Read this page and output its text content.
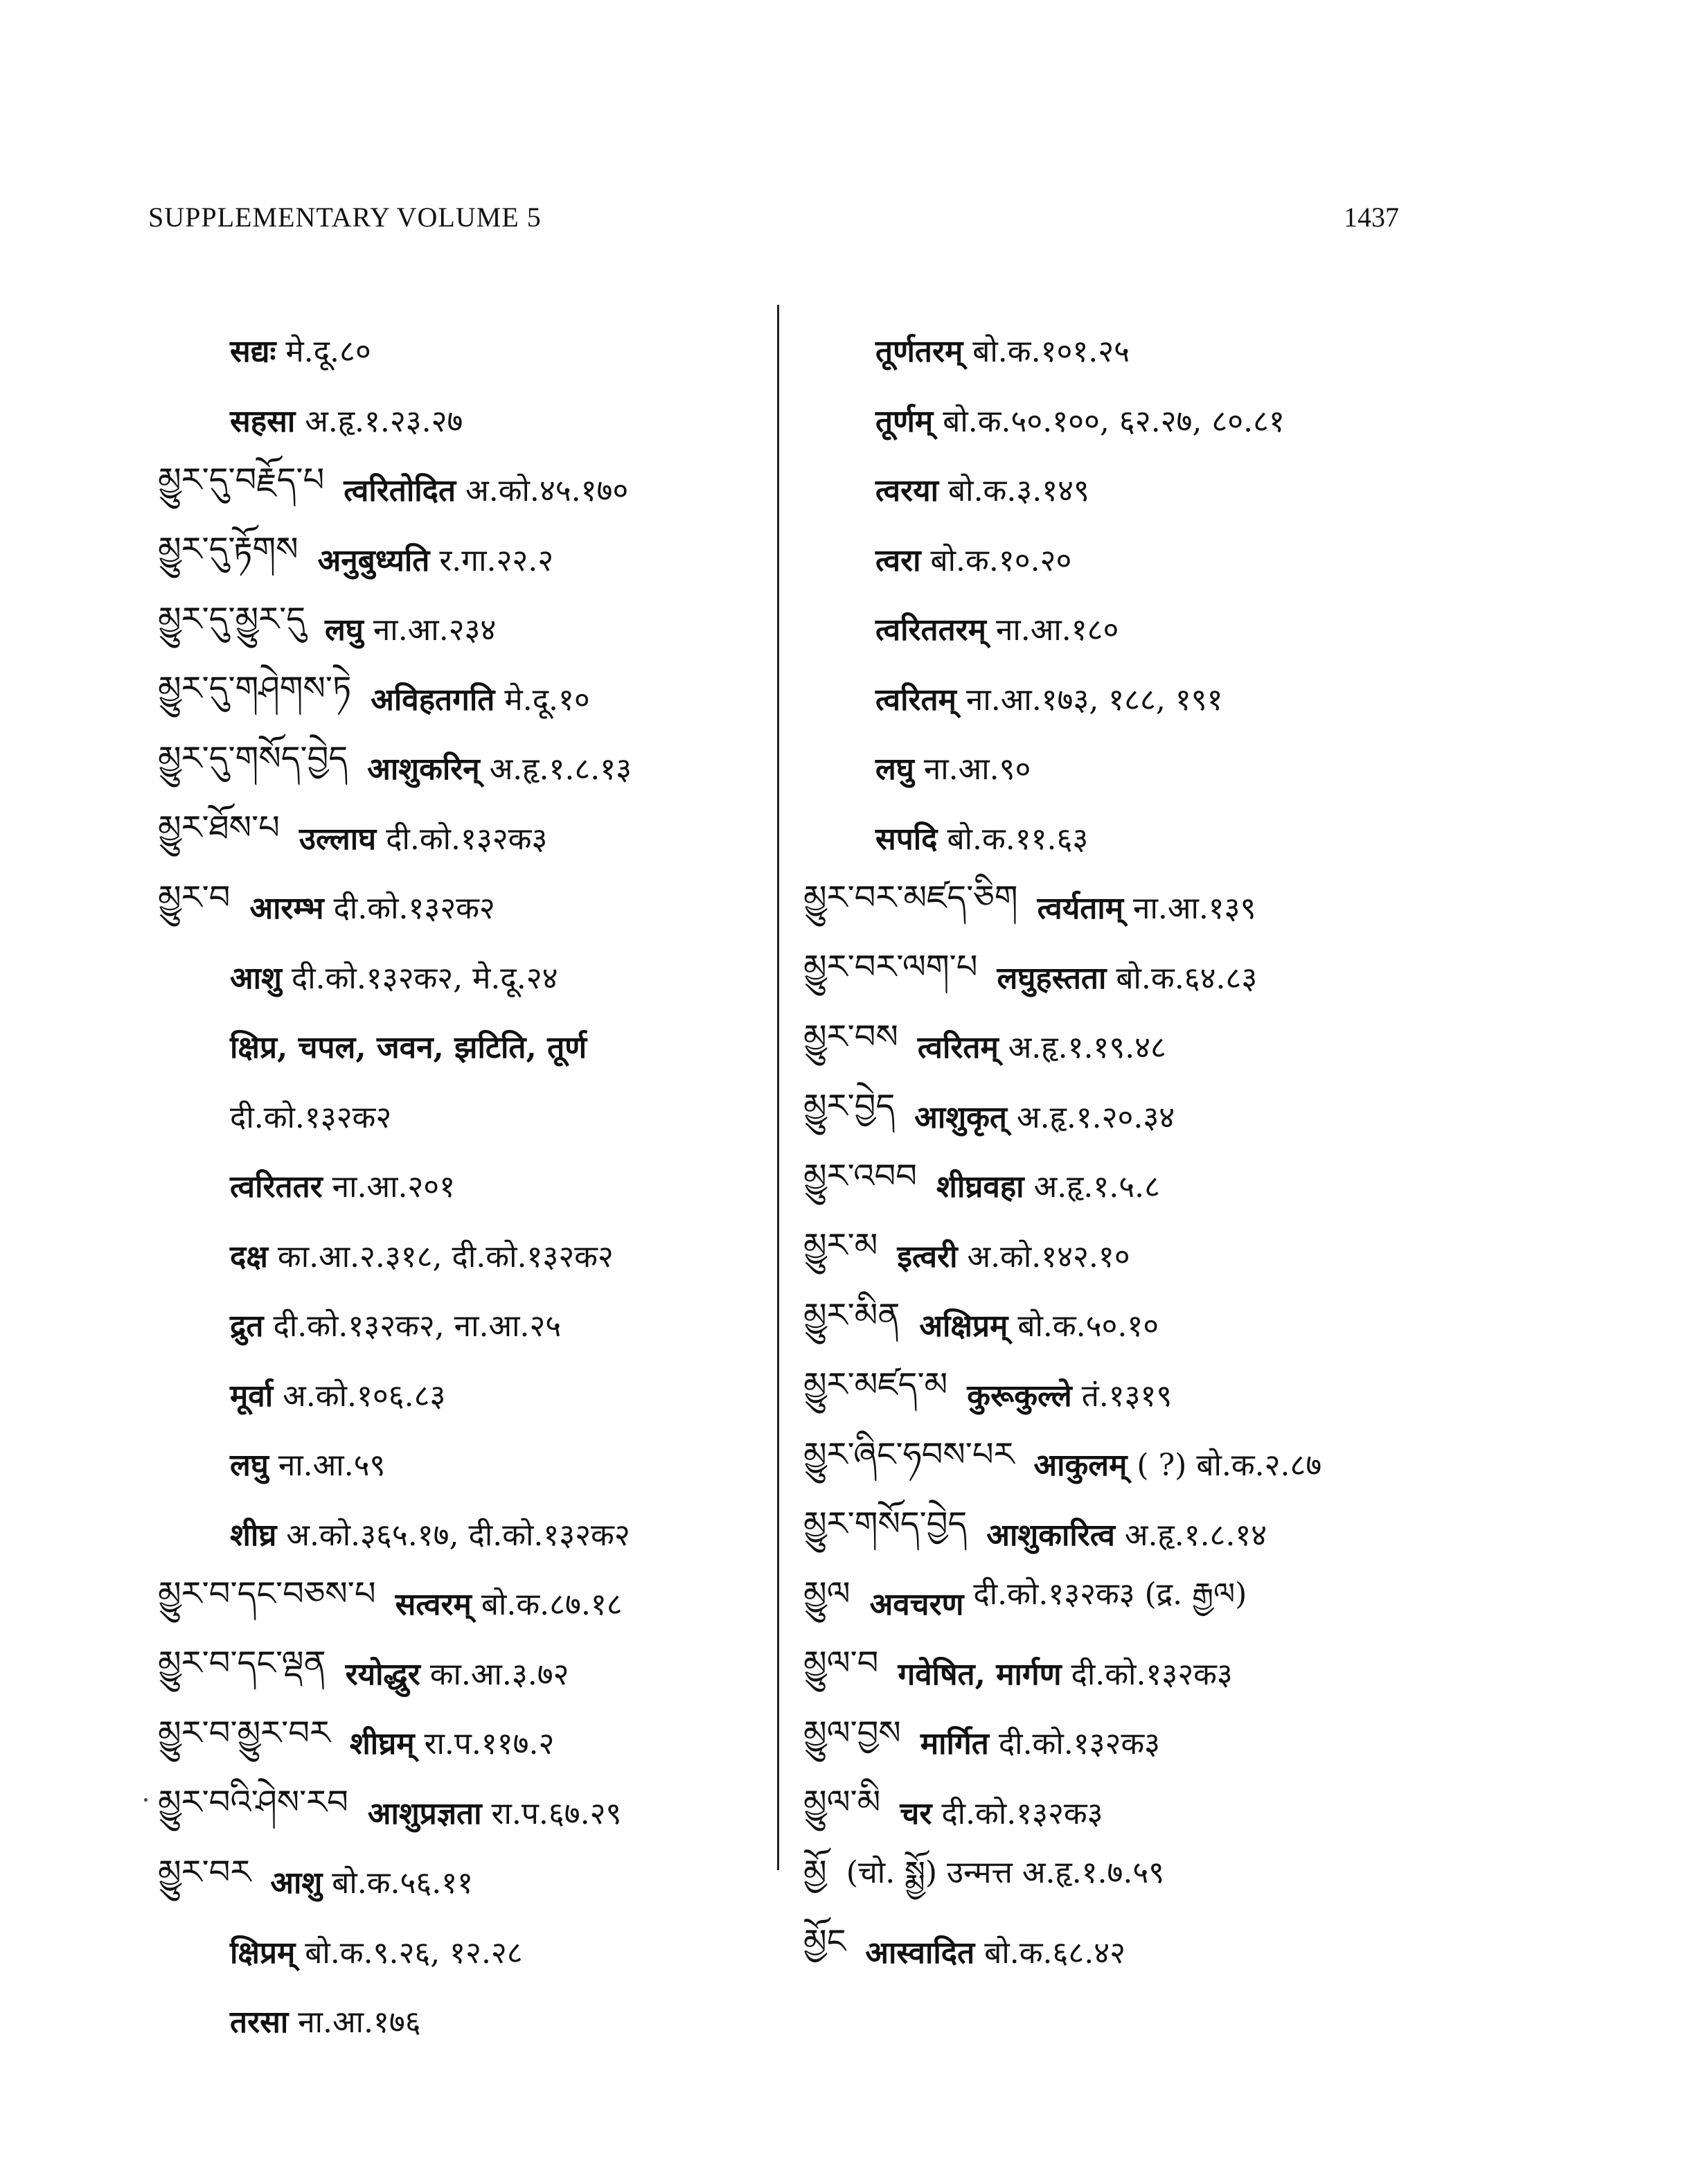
SUPPLEMENTARY VOLUME 5	1437
सद्यः मे.दू.८०
सहसा अ.हृ.१.२३.२७
མྱུར་དུ་བརྗོད་པ त्वरितोदित अ.को.४५.१७०
མྱུར་དུ་རྟོགས अनुबुध्यति र.गा.२२.२
མྱུར་དུ་མྱུར་དུ लघु ना.आ.२३४
མྱུར་དུ་གཤེགས་ཏེ अविहतगति मे.दू.१०
མྱུར་དུ་གསོད་བྱེད आशुकरिन् अ.हृ.१.८.१३
མྱུར་ཐོས་པ उल्लाघ दी.को.१३२क३
མྱུར་བ आरम्भ दी.को.१३२क२
आशु दी.को.१३२क२, मे.दू.२४
क्षिप्र, चपल, जवन, झटिति, तूर्ण
दी.को.१३२क२
त्वरिततर ना.आ.२०१
दक्ष का.आ.२.३१८, दी.को.१३२क२
द्रुत दी.को.१३२क२, ना.आ.२५
मूर्वा अ.को.१०६.८३
लघु ना.आ.५९
शीघ्र अ.को.३६५.१७, दी.को.१३२क२
མྱུར་བ་དང་བཅས་པ सत्वरम् बो.क.८७.१८
མྱུར་བ་དང་ལྡན रयोद्धुर का.आ.३.७२
མྱུར་བ་མྱུར་བར शीघ्रम् रा.प.११७.२
མྱུར་བའི་ཤེས་རབ आशुप्रज्ञता रा.प.६७.२९
མྱུར་བར आशु बो.क.५६.११
क्षिप्रम् बो.क.९.२६, १२.२८
तरसा ना.आ.१७६
तूर्णतरम् बो.क.१०१.२५
तूर्णम् बो.क.५०.१००, ६२.२७, ८०.८१
त्वरया बो.क.३.१४९
त्वरा बो.क.१०.२०
त्वरिततरम् ना.आ.१८०
त्वरितम् ना.आ.१७३, १८८, १९१
लघु ना.आ.९०
सपदि बो.क.११.६३
མྱུར་བར་མཛད་ཅིག त्वर्यताम् ना.आ.१३९
མྱུར་བར་ལག་པ लघुहस्तता बो.क.६४.८३
མྱུར་བས त्वरितम् अ.हृ.१.१९.४८
མྱུར་བྱེད आशुकृत् अ.हृ.१.२०.३४
མྱུར་འབབ शीघ्रवहा अ.हृ.१.५.८
མྱུར་མ इत्वरी अ.को.१४२.१०
མྱུར་མིན अक्षिप्रम् बो.क.५०.१०
མྱུར་མཛད་མ कुरूकुल्ले तं.१३१९
མྱུར་ཞིང་ཧབས་པར आकुलम् ( ?) बो.क.२.८७
མྱུར་གསོད་བྱེད आशुकारित्व अ.हृ.१.८.१४
མྱུལ अवचरण दी.को.१३२क३ (द्र. རྒྱལ)
མྱུལ་བ गवेषित, मार्गण दी.को.१३२क३
མྱུལ་བྱས मार्गित दी.को.१३२क३
མྱུལ་མི चर दी.को.१३२क३
མྱོ (चो. སྨྱོ) उन्मत्त अ.हृ.१.७.५९
མྱོང आस्वादित बो.क.६८.४२
